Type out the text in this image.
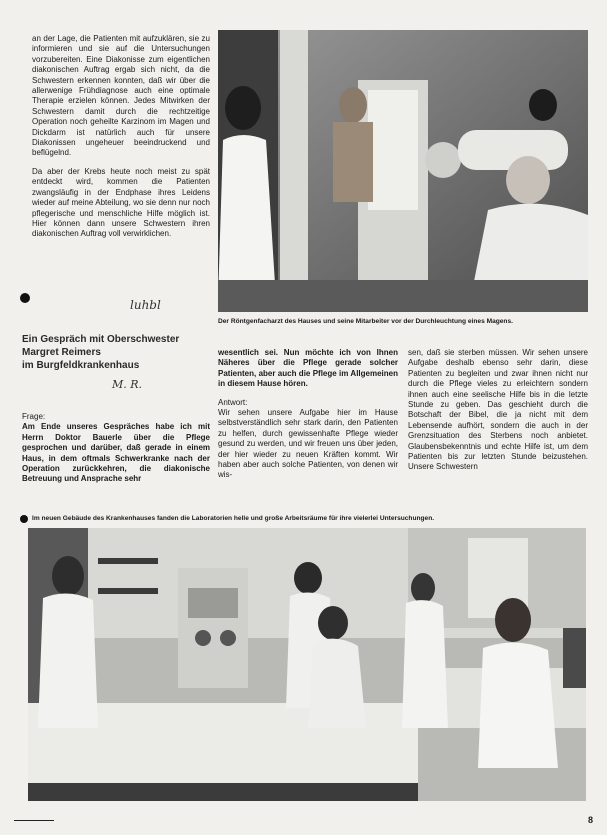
an der Lage, die Patienten mit aufzuklären, sie zu informieren und sie auf die Untersuchungen vorzubereiten. Eine Diakonisse zum eigentlichen diakonischen Auftrag ergab sich nicht, da die Schwestern erkennen konnten, daß wir über die allerwenige Frühdiagnose auch eine optimale Therapie erzielen können. Jedes Mitwirken der Schwestern damit durch die rechtzeitige Operation noch geheilte Karzinom im Magen und Dickdarm ist natürlich auch für unsere Diakonissen ungeheuer beeindruckend und beflügelnd.

Da aber der Krebs heute noch meist zu spät entdeckt wird, kommen die Patienten zwangsläufig in der Endphase ihres Leidens wieder auf meine Abteilung, wo sie denn nur noch pflegerische und menschliche Hilfe möglich ist. Hier können dann unsere Schwestern ihren diakonischen Auftrag voll verwirklichen.

Der Röntgenfacharzt des Hauses und seine Mitarbeiter vor der Durchleuchtung eines Magens.
luhbl
Ein Gespräch mit Oberschwester
Margret Reimers
im Burgfeldkrankenhaus
M. R.
Frage:
Am Ende unseres Gespräches habe ich mit Herrn Doktor Bauerle über die Pflege gesprochen und darüber, daß gerade in einem Haus, in dem oftmals Schwerkranke nach der Operation zurückkehren, die diakonische Betreuung und Ansprache sehr

wesentlich sei. Nun möchte ich von Ihnen Näheres über die Pflege gerade solcher Patienten, aber auch die Pflege im Allgemeinen in diesem Hause hören.

Antwort:
Wir sehen unsere Aufgabe hier im Hause selbstverständlich sehr stark darin, den Patienten zu helfen, durch gewissenhafte Pflege wieder gesund zu werden, und wir freuen uns über jeden, der hier wieder zu neuen Kräften kommt. Wir haben aber auch solche Patienten, von denen wir wis-
sen, daß sie sterben müssen. Wir sehen unsere Aufgabe deshalb ebenso sehr darin, diese Patienten zu begleiten und zwar ihnen nicht nur durch die Pflege vieles zu erleichtern sondern ihnen auch eine seelische Hilfe bis in die letzte Stunde zu geben. Das geschieht durch die Botschaft der Bibel, die ja nicht mit dem Lebensende aufhört, sondern die auch in der Grenzsituation des Sterbens noch anbietet. Glaubensbekenntnis und echte Hilfe ist, um dem Patienten bis zur letzten Stunde beizustehen. Unsere Schwestern
Im neuen Gebäude des Krankenhauses fanden die Laboratorien helle und große Arbeitsräume für ihre vielerlei Untersuchungen.
8
